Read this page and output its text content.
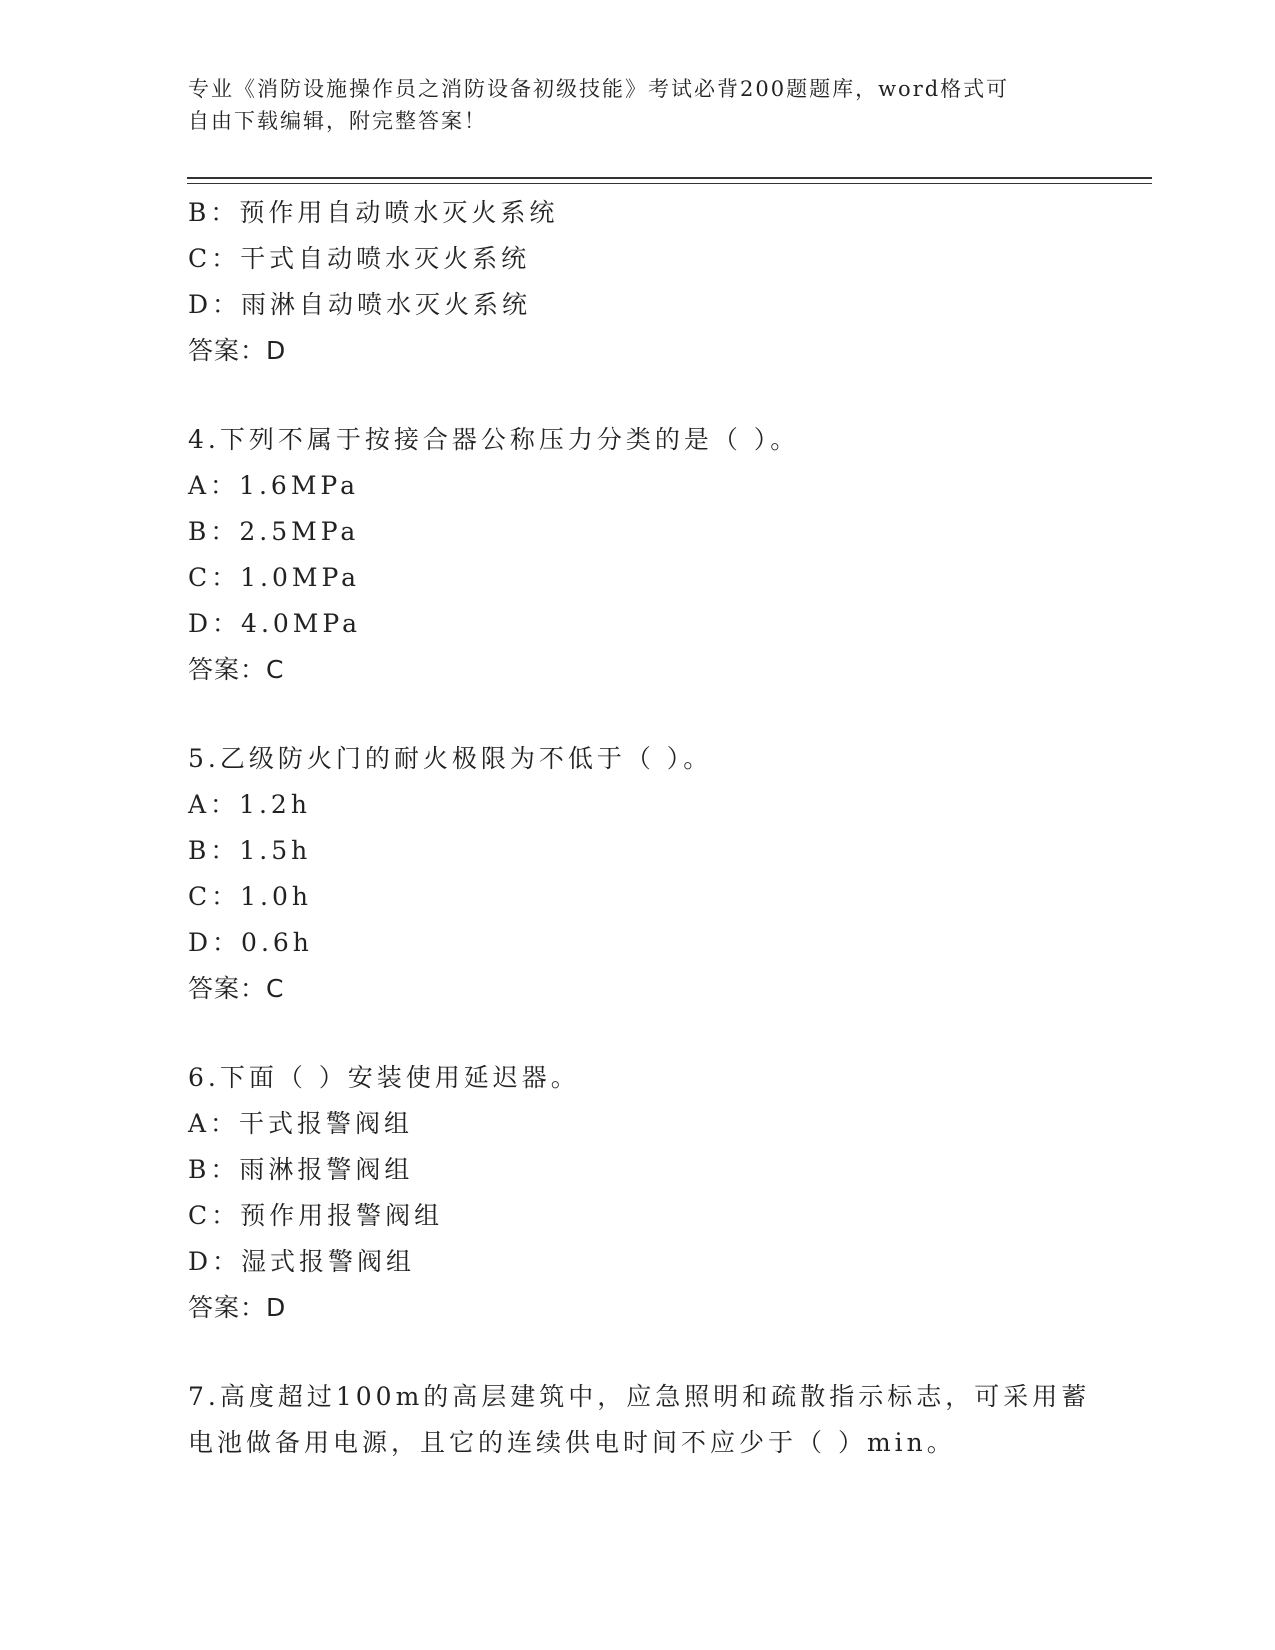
专业《消防设施操作员之消防设备初级技能》考试必背200题题库，word格式可
自由下载编辑，附完整答案！
B：预作用自动喷水灭火系统
C：干式自动喷水灭火系统
D：雨淋自动喷水灭火系统
答案：D
4.下列不属于按接合器公称压力分类的是（ ）。
A：1.6MPa
B：2.5MPa
C：1.0MPa
D：4.0MPa
答案：C
5.乙级防火门的耐火极限为不低于（ ）。
A：1.2h
B：1.5h
C：1.0h
D：0.6h
答案：C
6.下面（ ）安装使用延迟器。
A：干式报警阀组
B：雨淋报警阀组
C：预作用报警阀组
D：湿式报警阀组
答案：D
7.高度超过100m的高层建筑中，应急照明和疏散指示标志，可采用蓄
电池做备用电源，且它的连续供电时间不应少于（ ）min。
